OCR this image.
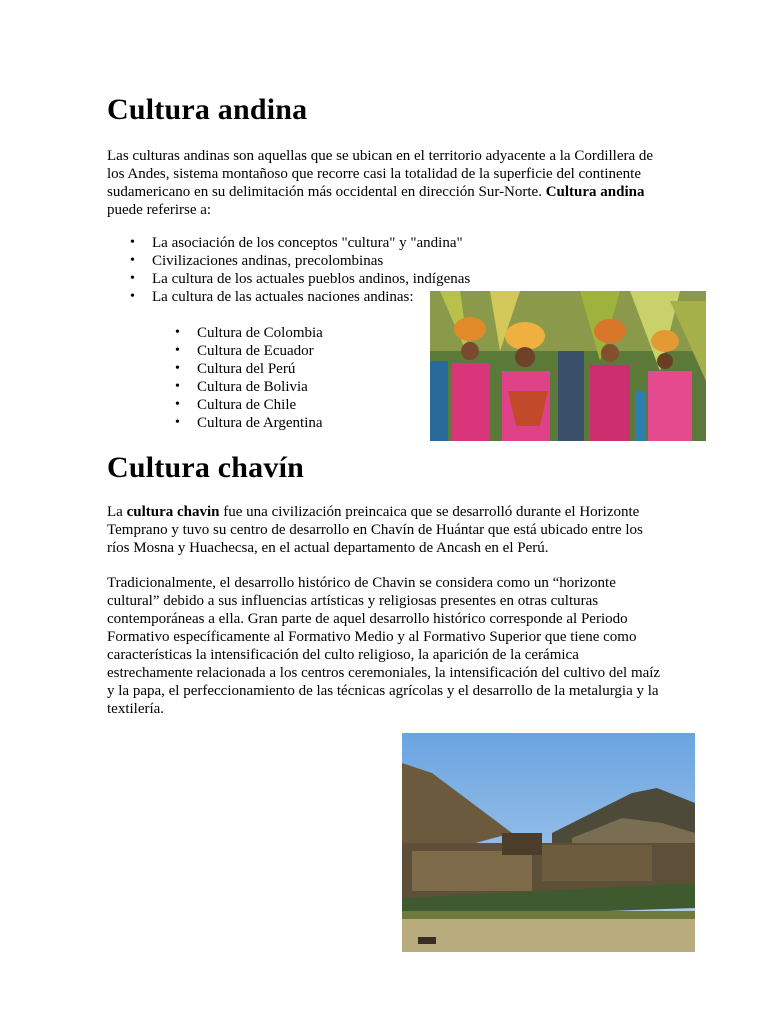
Cultura andina

Las culturas andinas son aquellas que se ubican en el territorio adyacente a la Cordillera de los Andes, sistema montañoso que recorre casi la totalidad de la superficie del continente sudamericano en su delimitación más occidental en dirección Sur-Norte. Cultura andina puede referirse a:

• La asociación de los conceptos "cultura" y "andina"
• Civilizaciones andinas, precolombinas
• La cultura de los actuales pueblos andinos, indígenas
• La cultura de las actuales naciones andinas:
• Cultura de Colombia
• Cultura de Ecuador
• Cultura del Perú
• Cultura de Bolivia
• Cultura de Chile
• Cultura de Argentina
Cultura chavín

La cultura chavin fue una civilización preincaica que se desarrolló durante el Horizonte Temprano y tuvo su centro de desarrollo en Chavín de Huántar que está ubicado entre los ríos Mosna y Huachecsa, en el actual departamento de Ancash en el Perú.

Tradicionalmente, el desarrollo histórico de Chavin se considera como un “horizonte cultural” debido a sus influencias artísticas y religiosas presentes en otras culturas contemporáneas a ella. Gran parte de aquel desarrollo histórico corresponde al Periodo Formativo específicamente al Formativo Medio y al Formativo Superior que tiene como características la intensificación del culto religioso, la aparición de la cerámica estrechamente relacionada a los centros ceremoniales, la intensificación del cultivo del maíz y la papa, el perfeccionamiento de las técnicas agrícolas y el desarrollo de la metalurgia y la textilería.
